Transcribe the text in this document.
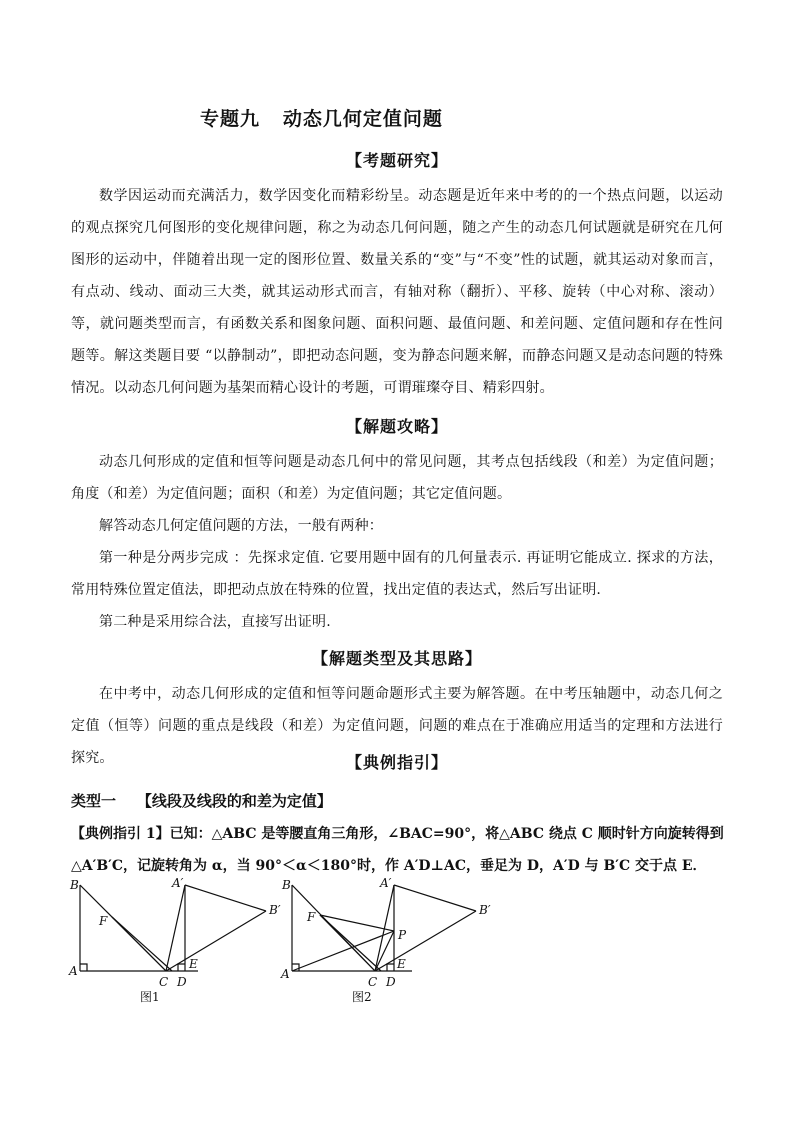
专题九   动态几何定值问题
【考题研究】
数学因运动而充满活力，数学因变化而精彩纷呈。动态题是近年来中考的的一个热点问题，以运动的观点探究几何图形的变化规律问题，称之为动态几何问题，随之产生的动态几何试题就是研究在几何图形的运动中，伴随着出现一定的图形位置、数量关系的“变”与“不变”性的试题，就其运动对象而言，有点动、线动、面动三大类，就其运动形式而言，有轴对称（翻折）、平移、旋转（中心对称、滚动）等，就问题类型而言，有函数关系和图象问题、面积问题、最值问题、和差问题、定值问题和存在性问题等。解这类题目要 “以静制动”，即把动态问题，变为静态问题来解，而静态问题又是动态问题的特殊情况。以动态几何问题为基架而精心设计的考题，可谓璀璨夺目、精彩四射。
【解题攻略】
动态几何形成的定值和恒等问题是动态几何中的常见问题，其考点包括线段（和差）为定值问题；角度（和差）为定值问题；面积（和差）为定值问题；其它定值问题。
解答动态几何定值问题的方法，一般有两种：
第一种是分两步完成 ：先探求定值. 它要用题中固有的几何量表示. 再证明它能成立. 探求的方法，常用特殊位置定值法，即把动点放在特殊的位置，找出定值的表达式，然后写出证明.
第二种是采用综合法，直接写出证明.
【解题类型及其思路】
在中考中，动态几何形成的定值和恒等问题命题形式主要为解答题。在中考压轴题中，动态几何之定值（恒等）问题的重点是线段（和差）为定值问题，问题的难点在于准确应用适当的定理和方法进行探究。	【典例指引】
类型一    【线段及线段的和差为定值】
【典例指引 1】已知：△ABC 是等腰直角三角形，∠BAC=90°，将△ABC 绕点 C 顺时针方向旋转得到
△A′B′C，记旋转角为 α，当 90°＜α＜180°时，作 A′D⊥AC，垂足为 D，A′D 与 B′C 交于点 E．
B
F
A
C D
E
A′
B′
图1
B
F
A
C D
E
P
A′
B′
图2
